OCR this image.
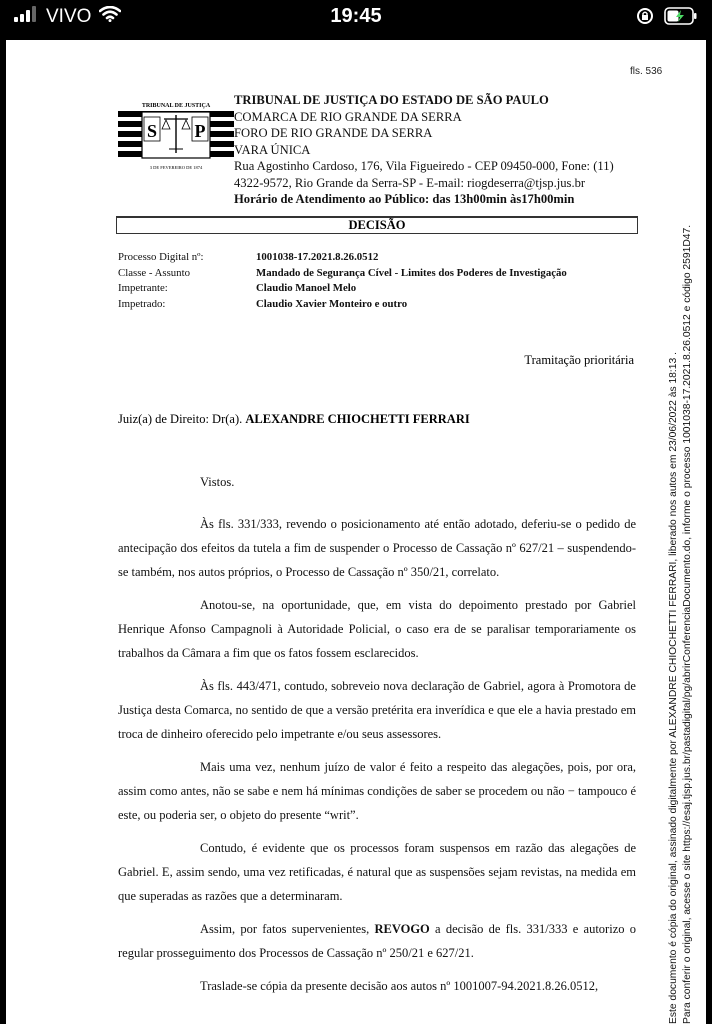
VIVO	19:45
fls. 536
TRIBUNAL DE JUSTIÇA
S P
3 DE FEVEREIRO DE 1874
TRIBUNAL DE JUSTIÇA DO ESTADO DE SÃO PAULO
COMARCA DE RIO GRANDE DA SERRA
FORO DE RIO GRANDE DA SERRA
VARA ÚNICA
Rua Agostinho Cardoso, 176, Vila Figueiredo - CEP 09450-000, Fone: (11)
4322-9572, Rio Grande da Serra-SP - E-mail: riogdeserra@tjsp.jus.br
Horário de Atendimento ao Público: das 13h00min às17h00min
DECISÃO
Processo Digital nº:	1001038-17.2021.8.26.0512
Classe - Assunto	Mandado de Segurança Cível - Limites dos Poderes de Investigação
Impetrante:	Claudio Manoel Melo
Impetrado:	Claudio Xavier Monteiro e outro
Tramitação prioritária
Juiz(a) de Direito: Dr(a). ALEXANDRE CHIOCHETTI FERRARI

Vistos.

Às fls. 331/333, revendo o posicionamento até então adotado, deferiu-se o pedido de antecipação dos efeitos da tutela a fim de suspender o Processo de Cassação nº 627/21 – suspendendo-se também, nos autos próprios, o Processo de Cassação nº 350/21, correlato.

Anotou-se, na oportunidade, que, em vista do depoimento prestado por Gabriel Henrique Afonso Campagnoli à Autoridade Policial, o caso era de se paralisar temporariamente os trabalhos da Câmara a fim que os fatos fossem esclarecidos.

Às fls. 443/471, contudo, sobreveio nova declaração de Gabriel, agora à Promotora de Justiça desta Comarca, no sentido de que a versão pretérita era inverídica e que ele a havia prestado em troca de dinheiro oferecido pelo impetrante e/ou seus assessores.

Mais uma vez, nenhum juízo de valor é feito a respeito das alegações, pois, por ora, assim como antes, não se sabe e nem há mínimas condições de saber se procedem ou não − tampouco é este, ou poderia ser, o objeto do presente “writ”.

Contudo, é evidente que os processos foram suspensos em razão das alegações de Gabriel. E, assim sendo, uma vez retificadas, é natural que as suspensões sejam revistas, na medida em que superadas as razões que a determinaram.

Assim, por fatos supervenientes, REVOGO a decisão de fls. 331/333 e autorizo o regular prosseguimento dos Processos de Cassação nº 250/21 e 627/21.

Traslade-se cópia da presente decisão aos autos nº 1001007-94.2021.8.26.0512,	Este documento é cópia do original, assinado digitalmente por ALEXANDRE CHIOCHETTI FERRARI, liberado nos autos em 23/06/2022 às 18:13 . Para conferir o original, acesse o site https://esaj.tjsp.jus.br/pastadigital/pg/abrirConferenciaDocumento.do, informe o processo 1001038-17.2021.8.26.0512 e código 2591D47.
